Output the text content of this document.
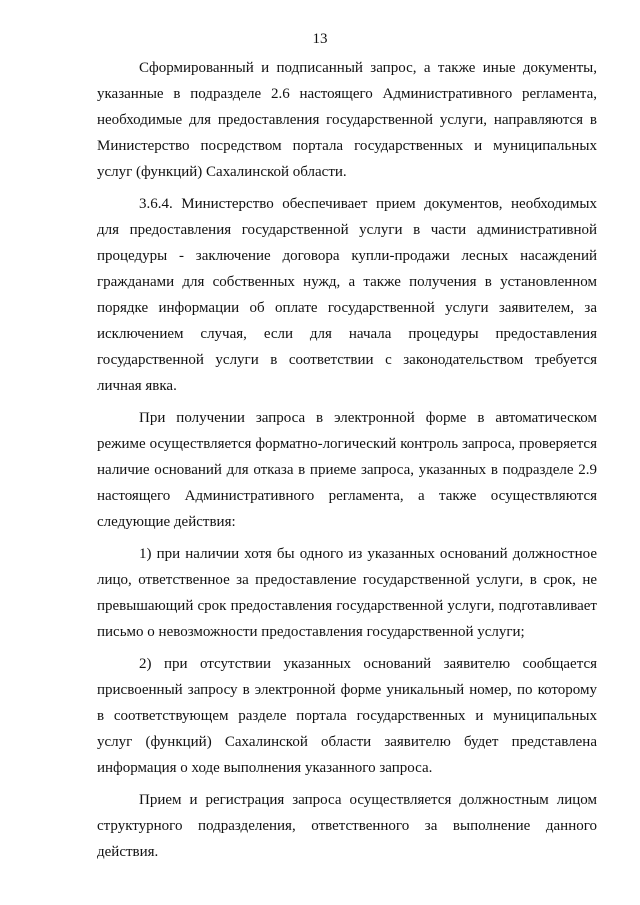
13

Сформированный и подписанный запрос, а также иные документы, указанные в подразделе 2.6 настоящего Административного регламента, необходимые для предоставления государственной услуги, направляются в Министерство посредством портала государственных и муниципальных услуг (функций) Сахалинской области.

3.6.4. Министерство обеспечивает прием документов, необходимых для предоставления государственной услуги в части административной процедуры - заключение договора купли-продажи лесных насаждений гражданами для собственных нужд, а также получения в установленном порядке информации об оплате государственной услуги заявителем, за исключением случая, если для начала процедуры предоставления государственной услуги в соответствии с законодательством требуется личная явка.

При получении запроса в электронной форме в автоматическом режиме осуществляется форматно-логический контроль запроса, проверяется наличие оснований для отказа в приеме запроса, указанных в подразделе 2.9 настоящего Административного регламента, а также осуществляются следующие действия:

1) при наличии хотя бы одного из указанных оснований должностное лицо, ответственное за предоставление государственной услуги, в срок, не превышающий срок предоставления государственной услуги, подготавливает письмо о невозможности предоставления государственной услуги;

2) при отсутствии указанных оснований заявителю сообщается присвоенный запросу в электронной форме уникальный номер, по которому в соответствующем разделе портала государственных и муниципальных услуг (функций) Сахалинской области заявителю будет представлена информация о ходе выполнения указанного запроса.

Прием и регистрация запроса осуществляется должностным лицом структурного подразделения, ответственного за выполнение данного действия.
